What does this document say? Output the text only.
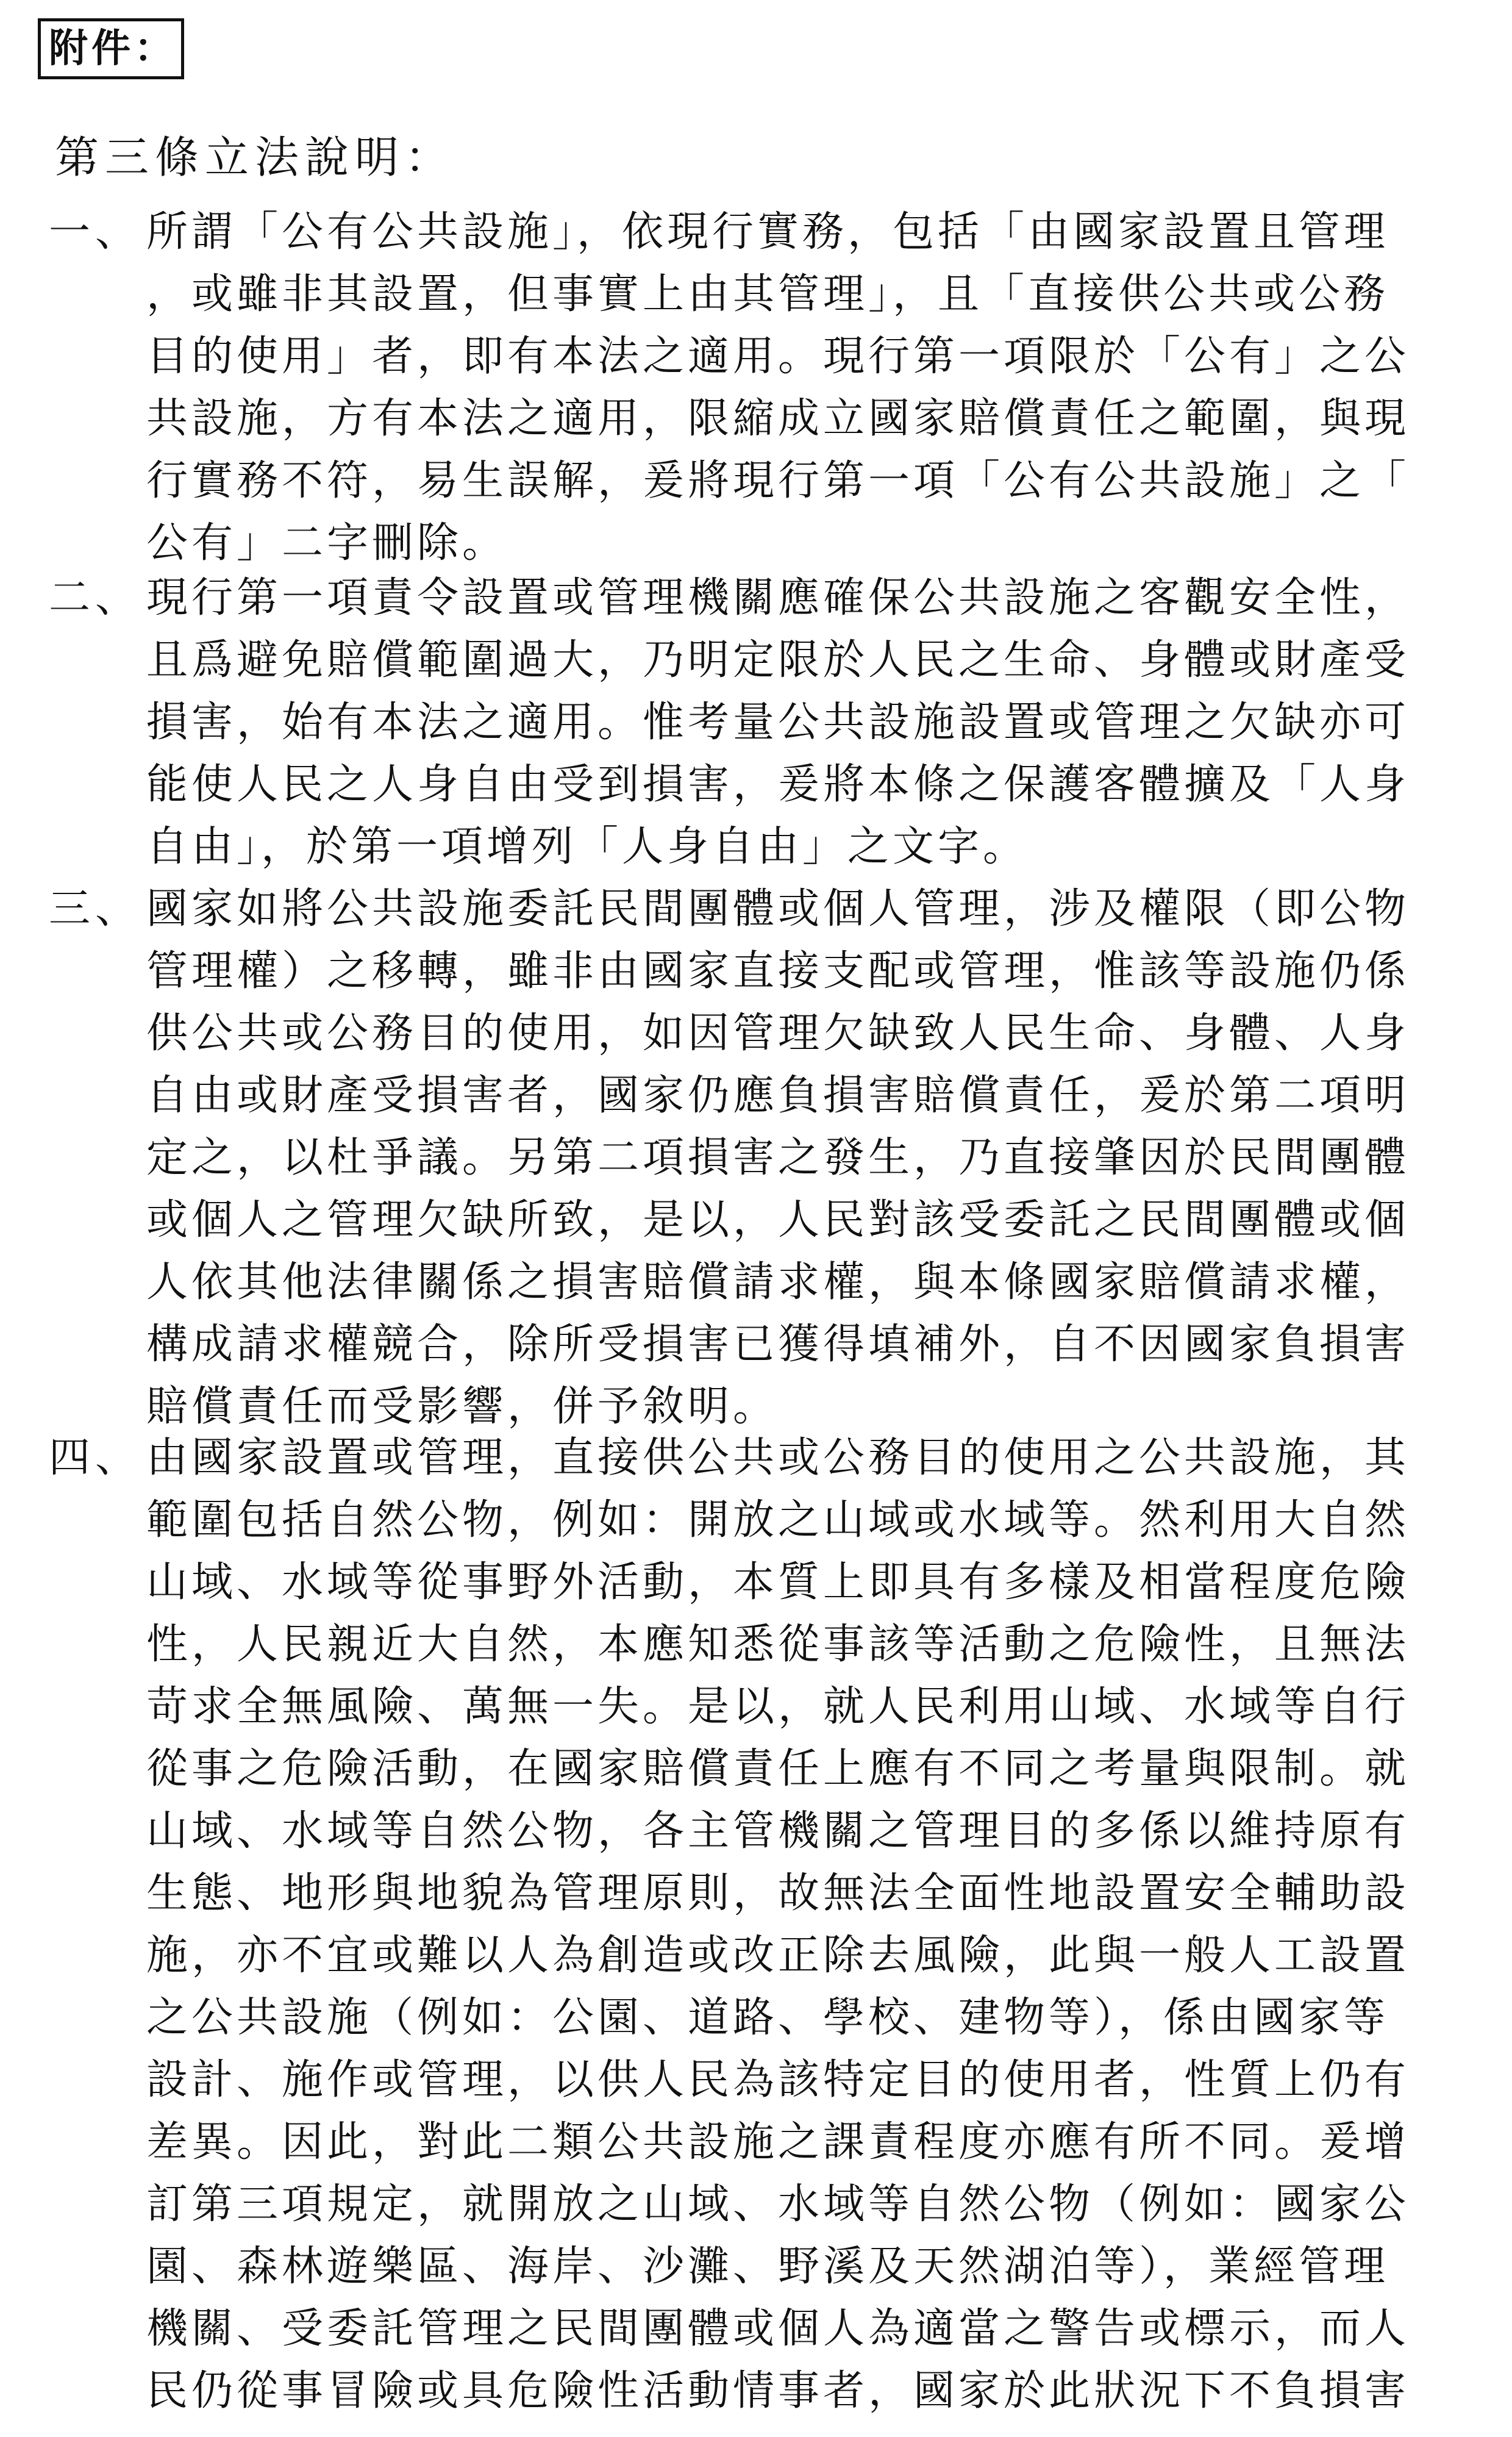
附件：
第三條立法說明：
一、 所謂「公有公共設施」，依現行實務，包括「由國家設置且管理
，或雖非其設置，但事實上由其管理」，且「直接供公共或公務
目的使用」者，即有本法之適用。現行第一項限於「公有」之公
共設施，方有本法之適用，限縮成立國家賠償責任之範圍，與現
行實務不符，易生誤解，爰將現行第一項「公有公共設施」之「
公有」二字刪除。
二、 現行第一項責令設置或管理機關應確保公共設施之客觀安全性，
且爲避免賠償範圍過大，乃明定限於人民之生命、身體或財產受
損害，始有本法之適用。惟考量公共設施設置或管理之欠缺亦可
能使人民之人身自由受到損害，爰將本條之保護客體擴及「人身
自由」，於第一項增列「人身自由」之文字。
三、 國家如將公共設施委託民間團體或個人管理，涉及權限（即公物
管理權）之移轉，雖非由國家直接支配或管理，惟該等設施仍係
供公共或公務目的使用，如因管理欠缺致人民生命、身體、人身
自由或財產受損害者，國家仍應負損害賠償責任，爰於第二項明
定之，以杜爭議。另第二項損害之發生，乃直接肇因於民間團體
或個人之管理欠缺所致，是以，人民對該受委託之民間團體或個
人依其他法律關係之損害賠償請求權，與本條國家賠償請求權，
構成請求權競合，除所受損害已獲得填補外，自不因國家負損害
賠償責任而受影響，併予敘明。
四、 由國家設置或管理，直接供公共或公務目的使用之公共設施，其
範圍包括自然公物，例如：開放之山域或水域等。然利用大自然
山域、水域等從事野外活動，本質上即具有多樣及相當程度危險
性，人民親近大自然，本應知悉從事該等活動之危險性，且無法
苛求全無風險、萬無一失。是以，就人民利用山域、水域等自行
從事之危險活動，在國家賠償責任上應有不同之考量與限制。就
山域、水域等自然公物，各主管機關之管理目的多係以維持原有
生態、地形與地貌為管理原則，故無法全面性地設置安全輔助設
施，亦不宜或難以人為創造或改正除去風險，此與一般人工設置
之公共設施（例如：公園、道路、學校、建物等），係由國家等
設計、施作或管理，以供人民為該特定目的使用者，性質上仍有
差異。因此，對此二類公共設施之課責程度亦應有所不同。爰增
訂第三項規定，就開放之山域、水域等自然公物（例如：國家公
園、森林遊樂區、海岸、沙灘、野溪及天然湖泊等），業經管理
機關、受委託管理之民間團體或個人為適當之警告或標示，而人
民仍從事冒險或具危險性活動情事者，國家於此狀況下不負損害
